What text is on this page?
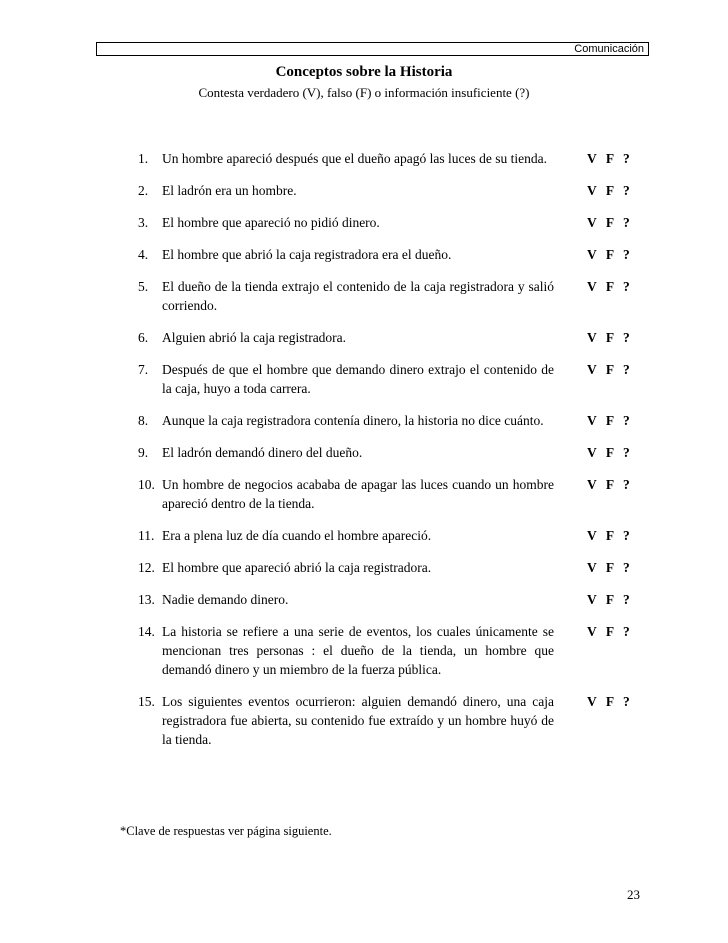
Comunicación
Conceptos sobre la Historia
Contesta verdadero (V), falso (F) o información insuficiente (?)
1.	Un hombre apareció después que el dueño apagó las luces de su tienda.	V F ?
2.	El ladrón era un hombre.	V F ?
3.	El hombre que apareció no pidió dinero.	V F ?
4.	El hombre que abrió la caja registradora era el dueño.	V F ?
5.	El dueño de la tienda extrajo el contenido de la caja registradora y salió corriendo.
V F ?
6.	Alguien abrió la caja registradora.	V F ?
7.	Después de que el hombre que demando dinero extrajo el contenido de la caja, huyo a toda carrera.
V F ?
8.	Aunque la caja registradora contenía dinero, la historia no dice cuánto.	V F ?
9.	El ladrón demandó dinero del dueño.	V F ?
10. Un hombre de negocios acababa de apagar las luces cuando un hombre apareció dentro de la tienda.
V F ?
11. Era a plena luz de día cuando el hombre apareció.	V F ?
12. El hombre que apareció abrió la caja registradora.	V F ?
13. Nadie demando dinero.	V F ?
14. La historia se refiere a una serie de eventos, los cuales únicamente se mencionan tres personas : el dueño de la tienda, un hombre que demandó dinero y un miembro de la fuerza pública.
V F ?
15. Los siguientes eventos ocurrieron: alguien demandó dinero, una caja registradora fue abierta, su contenido fue extraído y un hombre huyó de la tienda.
V F ?
*Clave de respuestas ver página siguiente.
23
